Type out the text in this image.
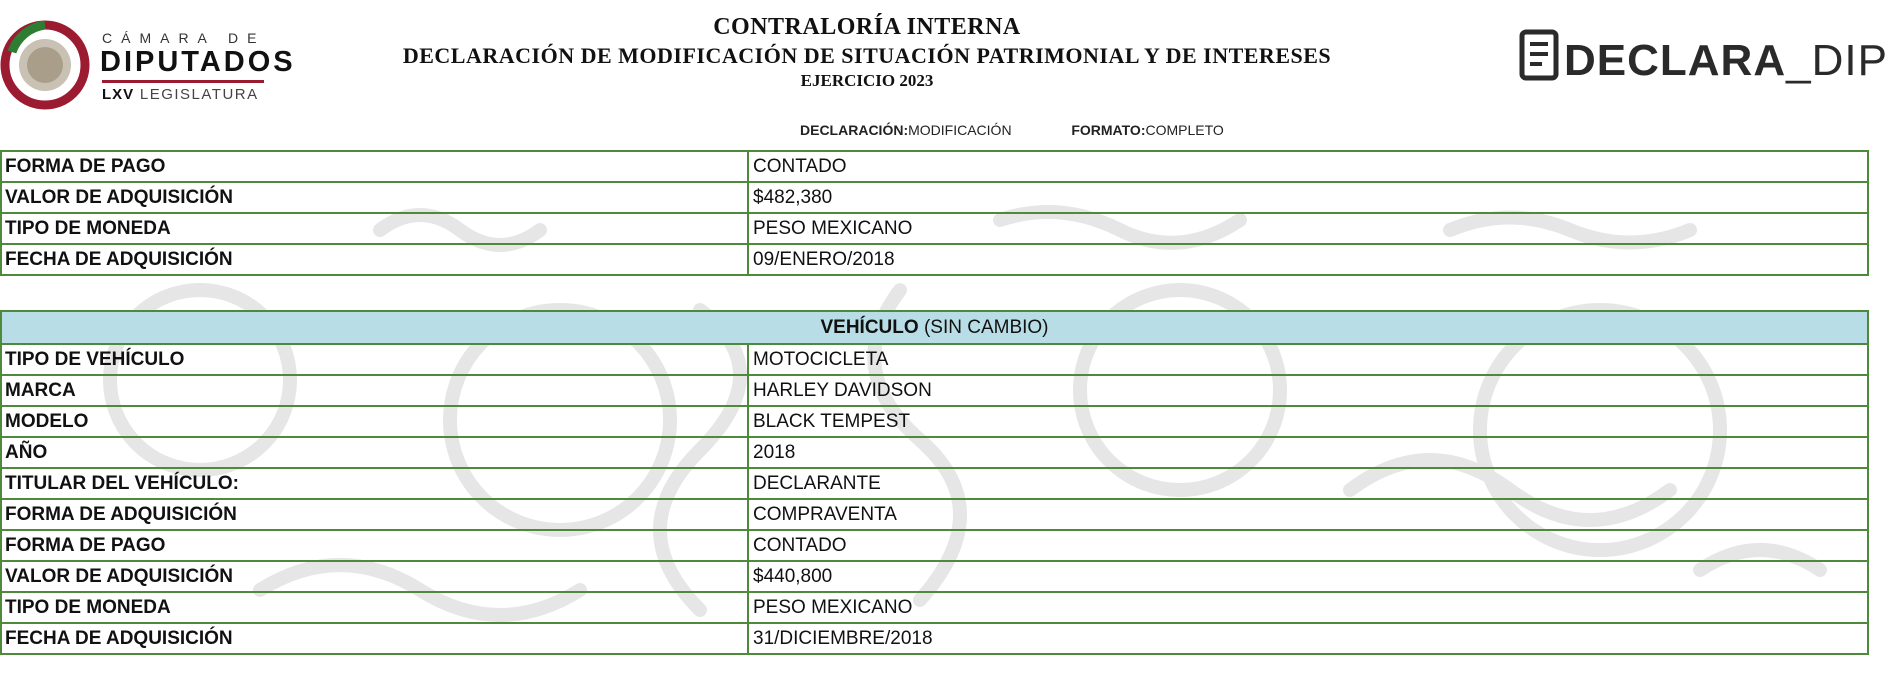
CÁMARA DE
DIPUTADOS
LXV LEGISLATURA
CONTRALORÍA INTERNA
DECLARACIÓN DE MODIFICACIÓN DE SITUACIÓN PATRIMONIAL Y DE INTERESES
EJERCICIO 2023	DECLARA_DIP
DECLARACIÓN:MODIFICACIÓN	FORMATO:COMPLETO
FORMA DE PAGO	CONTADO
VALOR DE ADQUISICIÓN	$482,380
TIPO DE MONEDA	PESO MEXICANO
FECHA DE ADQUISICIÓN	09/ENERO/2018
VEHÍCULO (SIN CAMBIO)	
TIPO DE VEHÍCULO	MOTOCICLETA
MARCA	HARLEY DAVIDSON
MODELO	BLACK TEMPEST
AÑO	2018
TITULAR DEL VEHÍCULO:	DECLARANTE
FORMA DE ADQUISICIÓN	COMPRAVENTA
FORMA DE PAGO	CONTADO
VALOR DE ADQUISICIÓN	$440,800
TIPO DE MONEDA	PESO MEXICANO
FECHA DE ADQUISICIÓN	31/DICIEMBRE/2018
